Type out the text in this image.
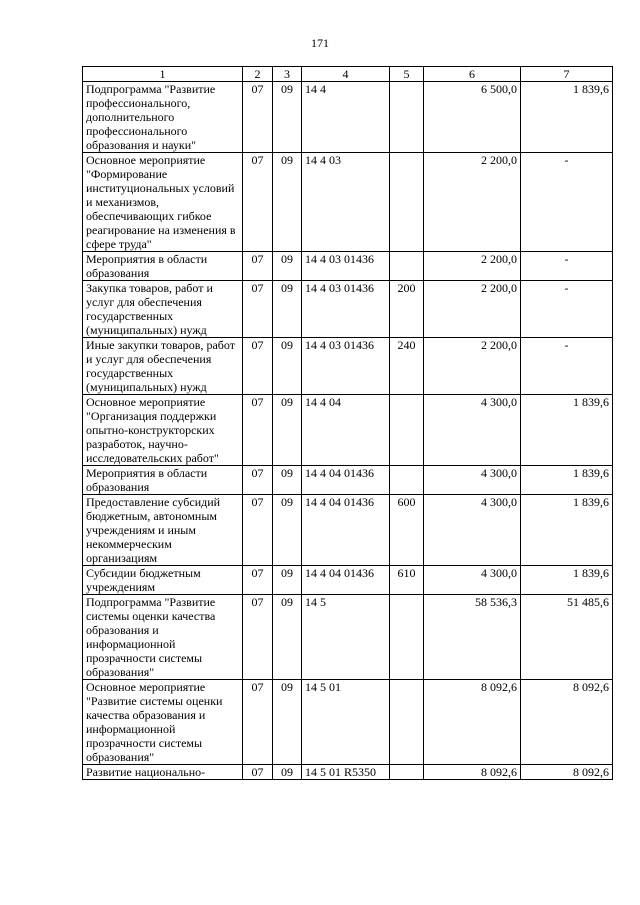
171
1	2	3	4	5	6	7
Подпрограмма "Развитие профессионального, дополнительного профессионального образования и науки"	07	09	14 4		6 500,0	1 839,6
Основное мероприятие "Формирование институциональных условий и механизмов, обеспечивающих гибкое реагирование на изменения в сфере труда"	07	09	14 4 03		2 200,0	-
Мероприятия в области образования	07	09	14 4 03 01436		2 200,0	-
Закупка товаров, работ и услуг для обеспечения государственных (муниципальных) нужд	07	09	14 4 03 01436	200	2 200,0	-
Иные закупки товаров, работ и услуг для обеспечения государственных (муниципальных) нужд	07	09	14 4 03 01436	240	2 200,0	-
Основное мероприятие "Организация поддержки опытно-конструкторских разработок, научно-исследовательских работ"	07	09	14 4 04		4 300,0	1 839,6
Мероприятия в области образования	07	09	14 4 04 01436		4 300,0	1 839,6
Предоставление субсидий бюджетным, автономным учреждениям и иным некоммерческим организациям	07	09	14 4 04 01436	600	4 300,0	1 839,6
Субсидии бюджетным учреждениям	07	09	14 4 04 01436	610	4 300,0	1 839,6
Подпрограмма "Развитие системы оценки качества образования и информационной прозрачности системы образования"	07	09	14 5		58 536,3	51 485,6
Основное мероприятие "Развитие системы оценки качества образования и информационной прозрачности системы образования"	07	09	14 5 01		8 092,6	8 092,6
Развитие национально-	07	09	14 5 01 R5350		8 092,6	8 092,6
